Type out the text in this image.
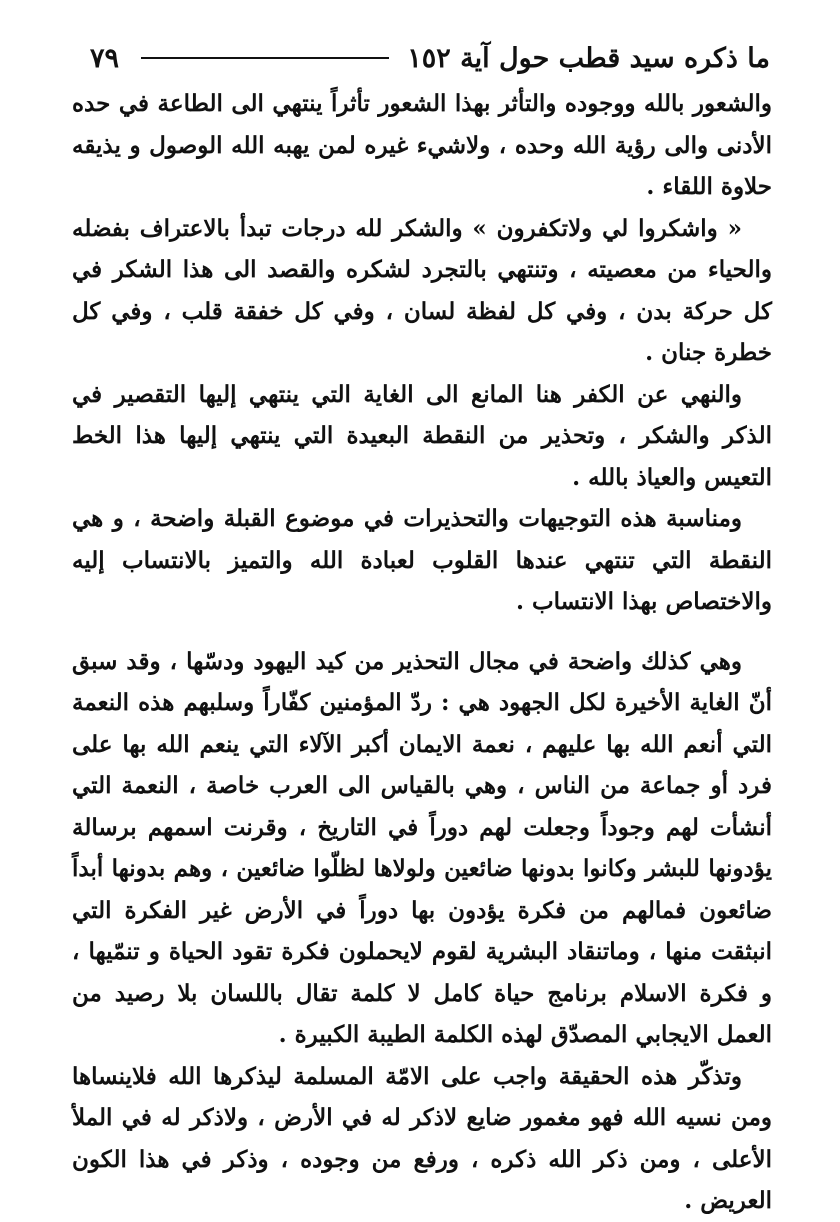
ما ذكره سيد قطب حول آية ١٥٢
٧٩

والشعور بالله ووجوده والتأثر بهذا الشعور تأثراً ينتهي الى الطاعة في حده الأدنى والى رؤية الله وحده ، ولاشيء غيره لمن يهبه الله الوصول و يذيقه حلاوة اللقاء .

« واشكروا لي ولاتكفرون » والشكر لله درجات تبدأ بالاعتراف بفضله والحياء من معصيته ، وتنتهي بالتجرد لشكره والقصد الى هذا الشكر في كل حركة بدن ، وفي كل لفظة لسان ، وفي كل خفقة قلب ، وفي كل خطرة جنان .

والنهي عن الكفر هنا المانع الى الغاية التي ينتهي إليها التقصير في الذكر والشكر ، وتحذير من النقطة البعيدة التي ينتهي إليها هذا الخط التعيس والعياذ بالله .

ومناسبة هذه التوجيهات والتحذيرات في موضوع القبلة واضحة ، و هي النقطة التي تنتهي عندها القلوب لعبادة الله والتميز بالانتساب إليه والاختصاص بهذا الانتساب .

وهي كذلك واضحة في مجال التحذير من كيد اليهود ودسّها ، وقد سبق أنّ الغاية الأخيرة لكل الجهود هي : ردّ المؤمنين كفّاراً وسلبهم هذه النعمة التي أنعم الله بها عليهم ، نعمة الايمان أكبر الآلاء التي ينعم الله بها على فرد أو جماعة من الناس ، وهي بالقياس الى العرب خاصة ، النعمة التي أنشأت لهم وجوداً وجعلت لهم دوراً في التاريخ ، وقرنت اسمهم برسالة يؤدونها للبشر وكانوا بدونها ضائعين ولولاها لظلّوا ضائعين ، وهم بدونها أبداً ضائعون فمالهم من فكرة يؤدون بها دوراً في الأرض غير الفكرة التي انبثقت منها ، وماتنقاد البشرية لقوم لايحملون فكرة تقود الحياة و تنمّيها ، و فكرة الاسلام برنامج حياة كامل لا كلمة تقال باللسان بلا رصيد من العمل الايجابي المصدّق لهذه الكلمة الطيبة الكبيرة .

وتذكّر هذه الحقيقة واجب على الامّة المسلمة ليذكرها الله فلاينساها ومن نسيه الله فهو مغمور ضايع لاذكر له في الأرض ، ولاذكر له في الملأ الأعلى ، ومن ذكر الله ذكره ، ورفع من وجوده ، وذكر في هذا الكون العريض .
